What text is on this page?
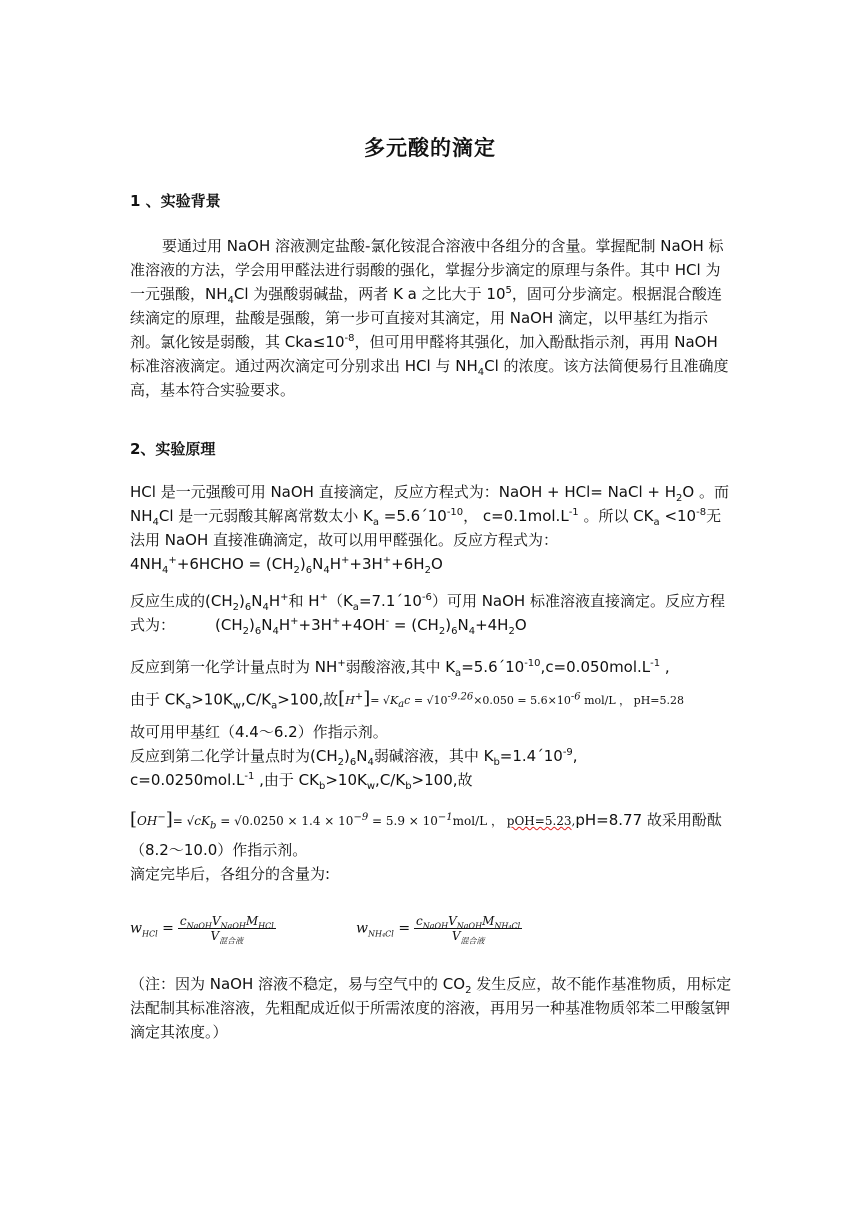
多元酸的滴定
1 、实验背景

要通过用 NaOH 溶液测定盐酸-氯化铵混合溶液中各组分的含量。掌握配制 NaOH 标准溶液的方法，学会用甲醛法进行弱酸的强化，掌握分步滴定的原理与条件。其中 HCl 为一元强酸，$NH_4Cl$ 为强酸弱碱盐，两者 K a 之比大于 $10^5$，固可分步滴定。根据混合酸连续滴定的原理，盐酸是强酸，第一步可直接对其滴定，用 NaOH 滴定，以甲基红为指示剂。氯化铵是弱酸，其 $Cka\le 10^{-8}$，但可用甲醛将其强化，加入酚酞指示剂，再用 NaOH 标准溶液滴定。通过两次滴定可分别求出 HCl 与 $NH_4Cl$ 的浓度。该方法简便易行且准确度高，基本符合实验要求。

2、实验原理

HCl 是一元强酸可用 NaOH 直接滴定，反应方程式为：NaOH + HCl= NaCl + $H_2O$ 。而 $NH_4Cl$ 是一元弱酸其解离常数太小 $K_a$ $=5.6´10^{-10}$， $c=0.1mol.L^{-1}$ 。所以 $CK_a <10^{-8}$无法用 NaOH 直接准确滴定，故可以用甲醛强化。反应方程式为：
$4NH_4^++6HCHO = (CH_2)_6N_4H^++3H^++6H_2O$

反应生成的$(CH_2)_6N_4H^+$和 $H^+(K_a=7.1´10^{-6})$可用 NaOH 标准溶液直接滴定。反应方程式为：	$(CH_2)_6N_4H^++3H^++4OH^- = (CH_2)_6N_4+4H_2O$

反应到第一化学计量点时为 NH+弱酸溶液,其中 $K_a=5.6´10^{-10},c=0.050mol.L^{-1}$ ,

由于 $CK_a>10K_w,C/K_a>100$,故$[H^+]= √K_ac = √10^{-9.26}\times 0.050 = 5.6\times 10^{-6}$ mol/L ， pH=5.28

故可用甲基红（4.4～6.2）作指示剂。
反应到第二化学计量点时为$(CH_2)_6N_4$弱碱溶液，其中 $K_b=1.4´10^{-9}$,
$c=0.0250mol.L^{-1}$ ,由于 $CK_b>10K_w,C/K_b>100$,故

$[OH^-]= √cK_b = √0.0250 \times 1.4 \times 10^{-9} = 5.9 \times 10^{-1}mol/L$ ， pOH=5.23,pH=8.77 故采用酚酞

（8.2～10.0）作指示剂。
滴定完毕后，各组分的含量为:

$w_{HCl} = \frac{c_{NaOH}V_{NaOH}M_{HCl}}{V_{混合液}}$	$w_{NH_4Cl} = \frac{c_{NaOH}V_{NaOH}M_{NH_4Cl}}{V_{混合液}}$

（注：因为 NaOH 溶液不稳定，易与空气中的 $CO_2$ 发生反应，故不能作基准物质，用标定法配制其标准溶液，先粗配成近似于所需浓度的溶液，再用另一种基准物质邻苯二甲酸氢钾滴定其浓度。）
